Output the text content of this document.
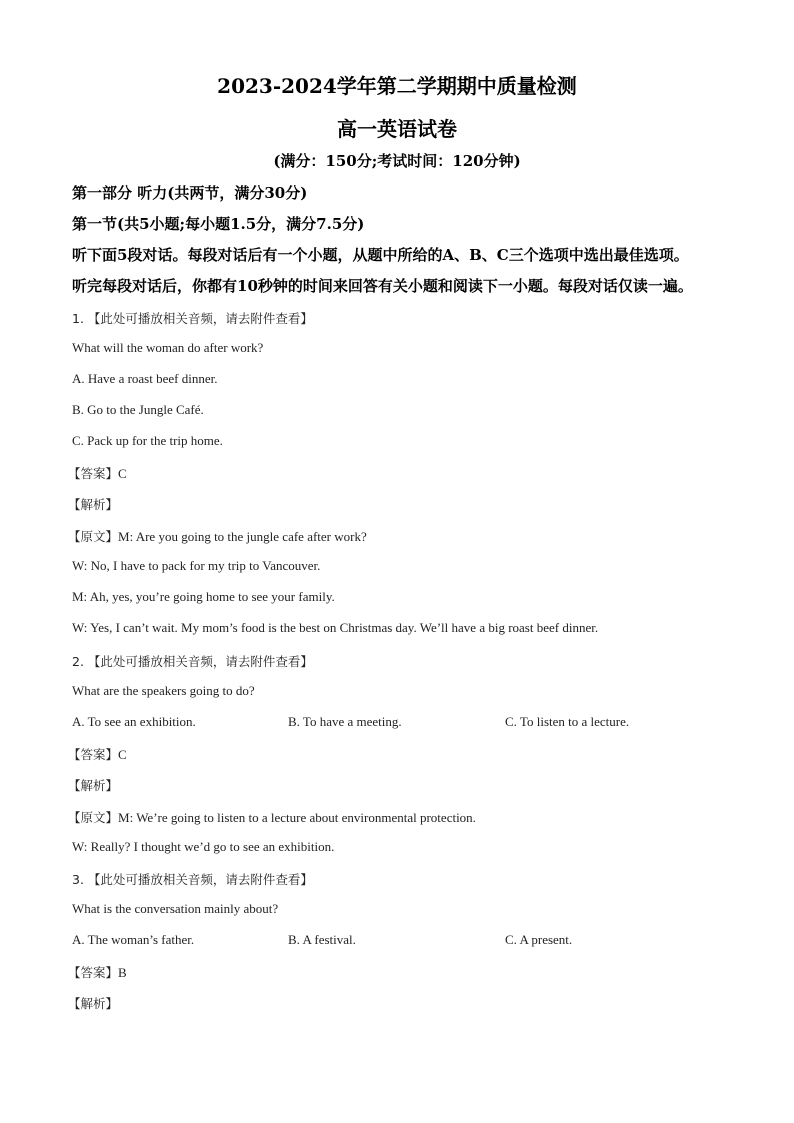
2023-2024学年第二学期期中质量检测
高一英语试卷
(满分：150分;考试时间：120分钟)
第一部分 听力(共两节，满分30分)
第一节(共5小题;每小题1.5分，满分7.5分)
听下面5段对话。每段对话后有一个小题，从题中所给的A、B、C三个选项中选出最佳选项。
听完每段对话后，你都有10秒钟的时间来回答有关小题和阅读下一小题。每段对话仅读一遍。
1. 【此处可播放相关音频，请去附件查看】
What will the woman do after work?
A. Have a roast beef dinner.
B. Go to the Jungle Café.
C. Pack up for the trip home.
【答案】C
【解析】
【原文】M: Are you going to the jungle cafe after work?
W: No, I have to pack for my trip to Vancouver.
M: Ah, yes, you’re going home to see your family.
W: Yes, I can’t wait. My mom’s food is the best on Christmas day. We’ll have a big roast beef dinner.
2. 【此处可播放相关音频，请去附件查看】
What are the speakers going to do?
A. To see an exhibition.	B. To have a meeting.	C. To listen to a lecture.
【答案】C
【解析】
【原文】M: We’re going to listen to a lecture about environmental protection.
W: Really? I thought we’d go to see an exhibition.
3. 【此处可播放相关音频，请去附件查看】
What is the conversation mainly about?
A. The woman’s father.	B. A festival.	C. A present.
【答案】B
【解析】
